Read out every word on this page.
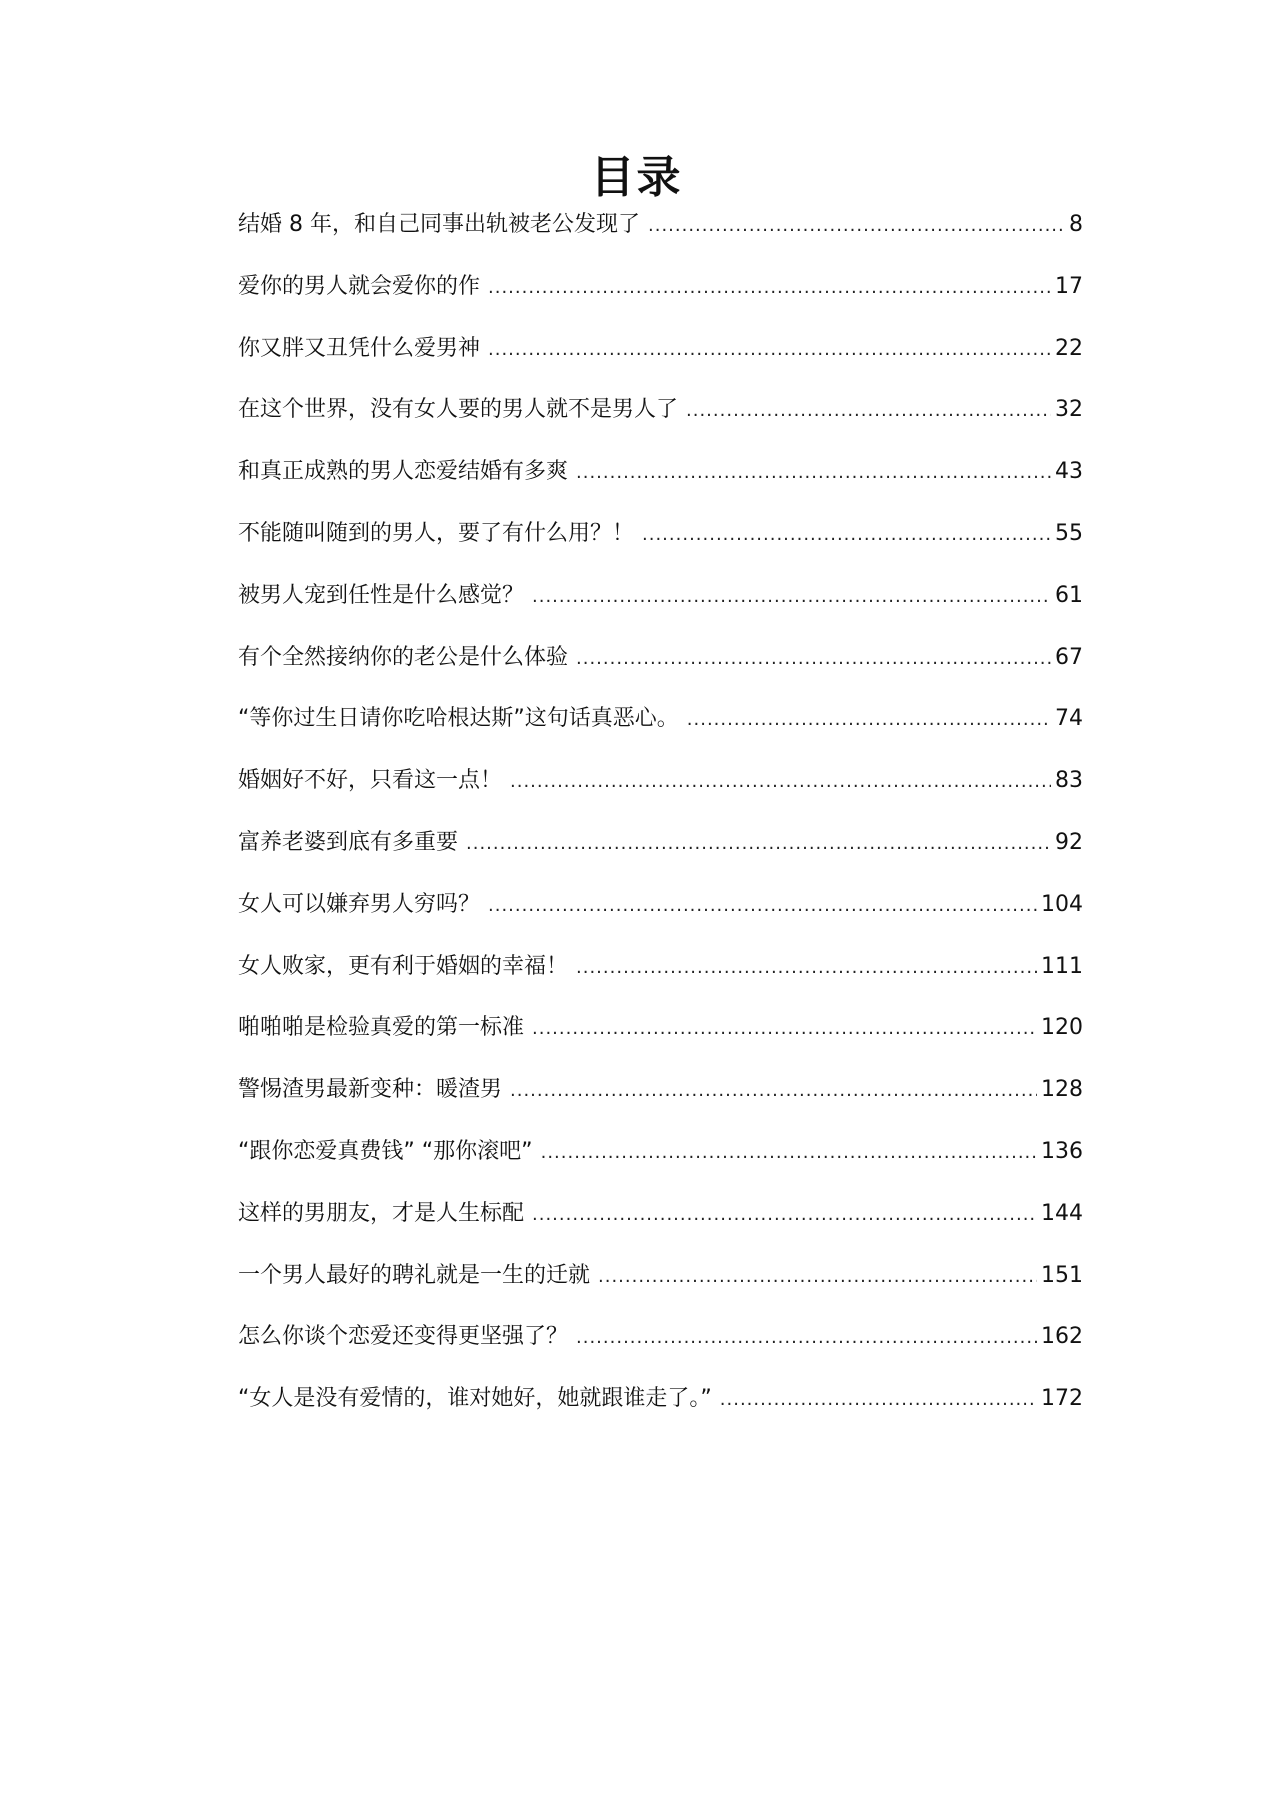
目录
结婚 8 年，和自己同事出轨被老公发现了 .....	8
爱你的男人就会爱你的作 .....	17
你又胖又丑凭什么爱男神 .....	22
在这个世界，没有女人要的男人就不是男人了 .....	32
和真正成熟的男人恋爱结婚有多爽 .....	43
不能随叫随到的男人，要了有什么用？！ .....	55
被男人宠到任性是什么感觉？ .....	61
有个全然接纳你的老公是什么体验 .....	67
“等你过生日请你吃哈根达斯”这句话真恶心。 .....	74
婚姻好不好，只看这一点！ .....	83
富养老婆到底有多重要 .....	92
女人可以嫌弃男人穷吗？ .....	104
女人败家，更有利于婚姻的幸福！ .....	111
啪啪啪是检验真爱的第一标准 .....	120
警惕渣男最新变种：暖渣男 .....	128
“跟你恋爱真费钱” “那你滚吧” .....	136
这样的男朋友，才是人生标配 .....	144
一个男人最好的聘礼就是一生的迁就 .....	151
怎么你谈个恋爱还变得更坚强了？ .....	162
“女人是没有爱情的，谁对她好，她就跟谁走了。” .....	172
